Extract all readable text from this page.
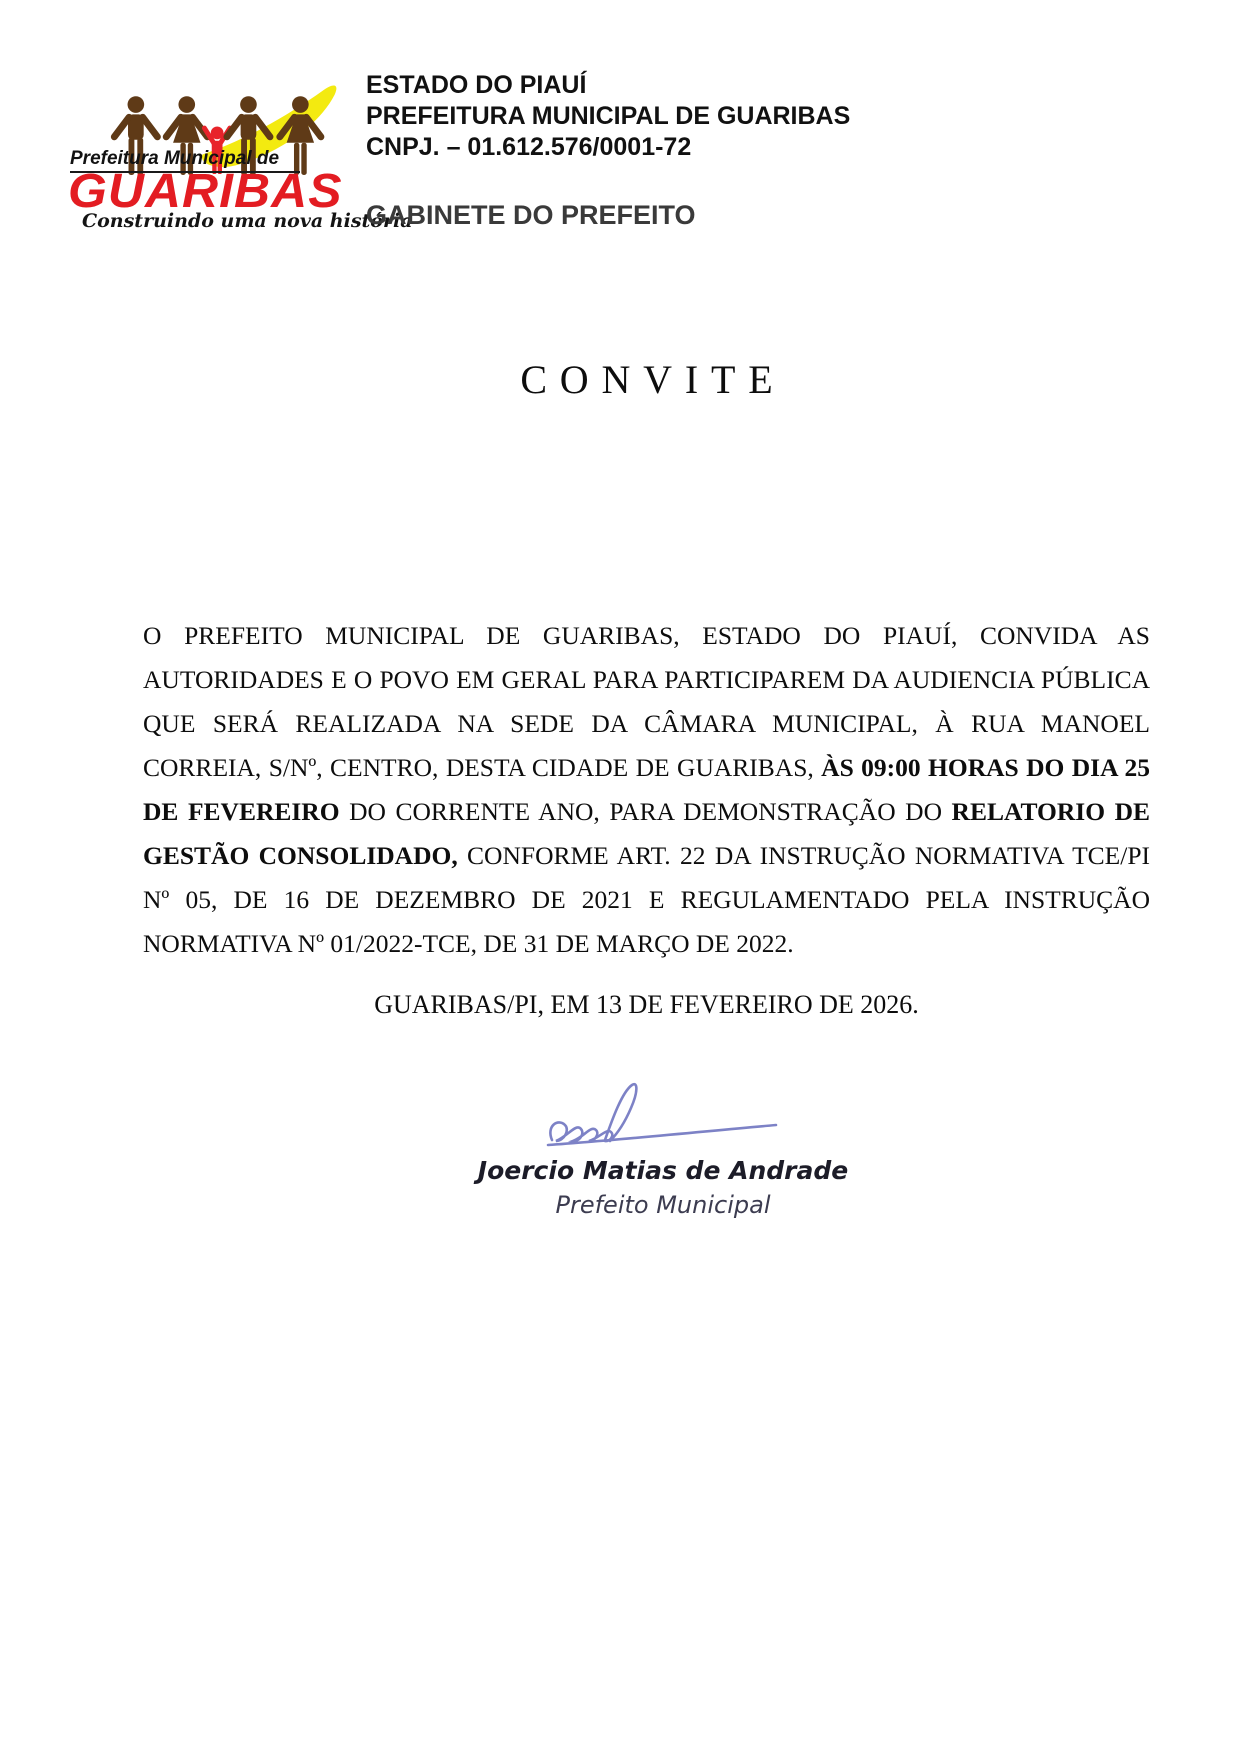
Prefeitura Municipal de
GUARIBAS
Construindo uma nova história
ESTADO DO PIAUÍ
PREFEITURA MUNICIPAL DE GUARIBAS
CNPJ. – 01.612.576/0001-72
GABINETE DO PREFEITO
CONVITE

O PREFEITO MUNICIPAL DE GUARIBAS, ESTADO DO PIAUÍ, CONVIDA AS AUTORIDADES E O POVO EM GERAL PARA PARTICIPAREM DA AUDIENCIA PÚBLICA QUE SERÁ REALIZADA NA SEDE DA CÂMARA MUNICIPAL, À RUA MANOEL CORREIA, S/Nº, CENTRO, DESTA CIDADE DE GUARIBAS, ÀS 09:00 HORAS DO DIA 25 DE FEVEREIRO DO CORRENTE ANO, PARA DEMONSTRAÇÃO DO RELATORIO DE GESTÃO CONSOLIDADO, CONFORME ART. 22 DA INSTRUÇÃO NORMATIVA TCE/PI Nº 05, DE 16 DE DEZEMBRO DE 2021 E REGULAMENTADO PELA INSTRUÇÃO NORMATIVA Nº 01/2022-TCE, DE 31 DE MARÇO DE 2022.

GUARIBAS/PI, EM 13 DE FEVEREIRO DE 2026.
Joercio Matias de Andrade
Prefeito Municipal
